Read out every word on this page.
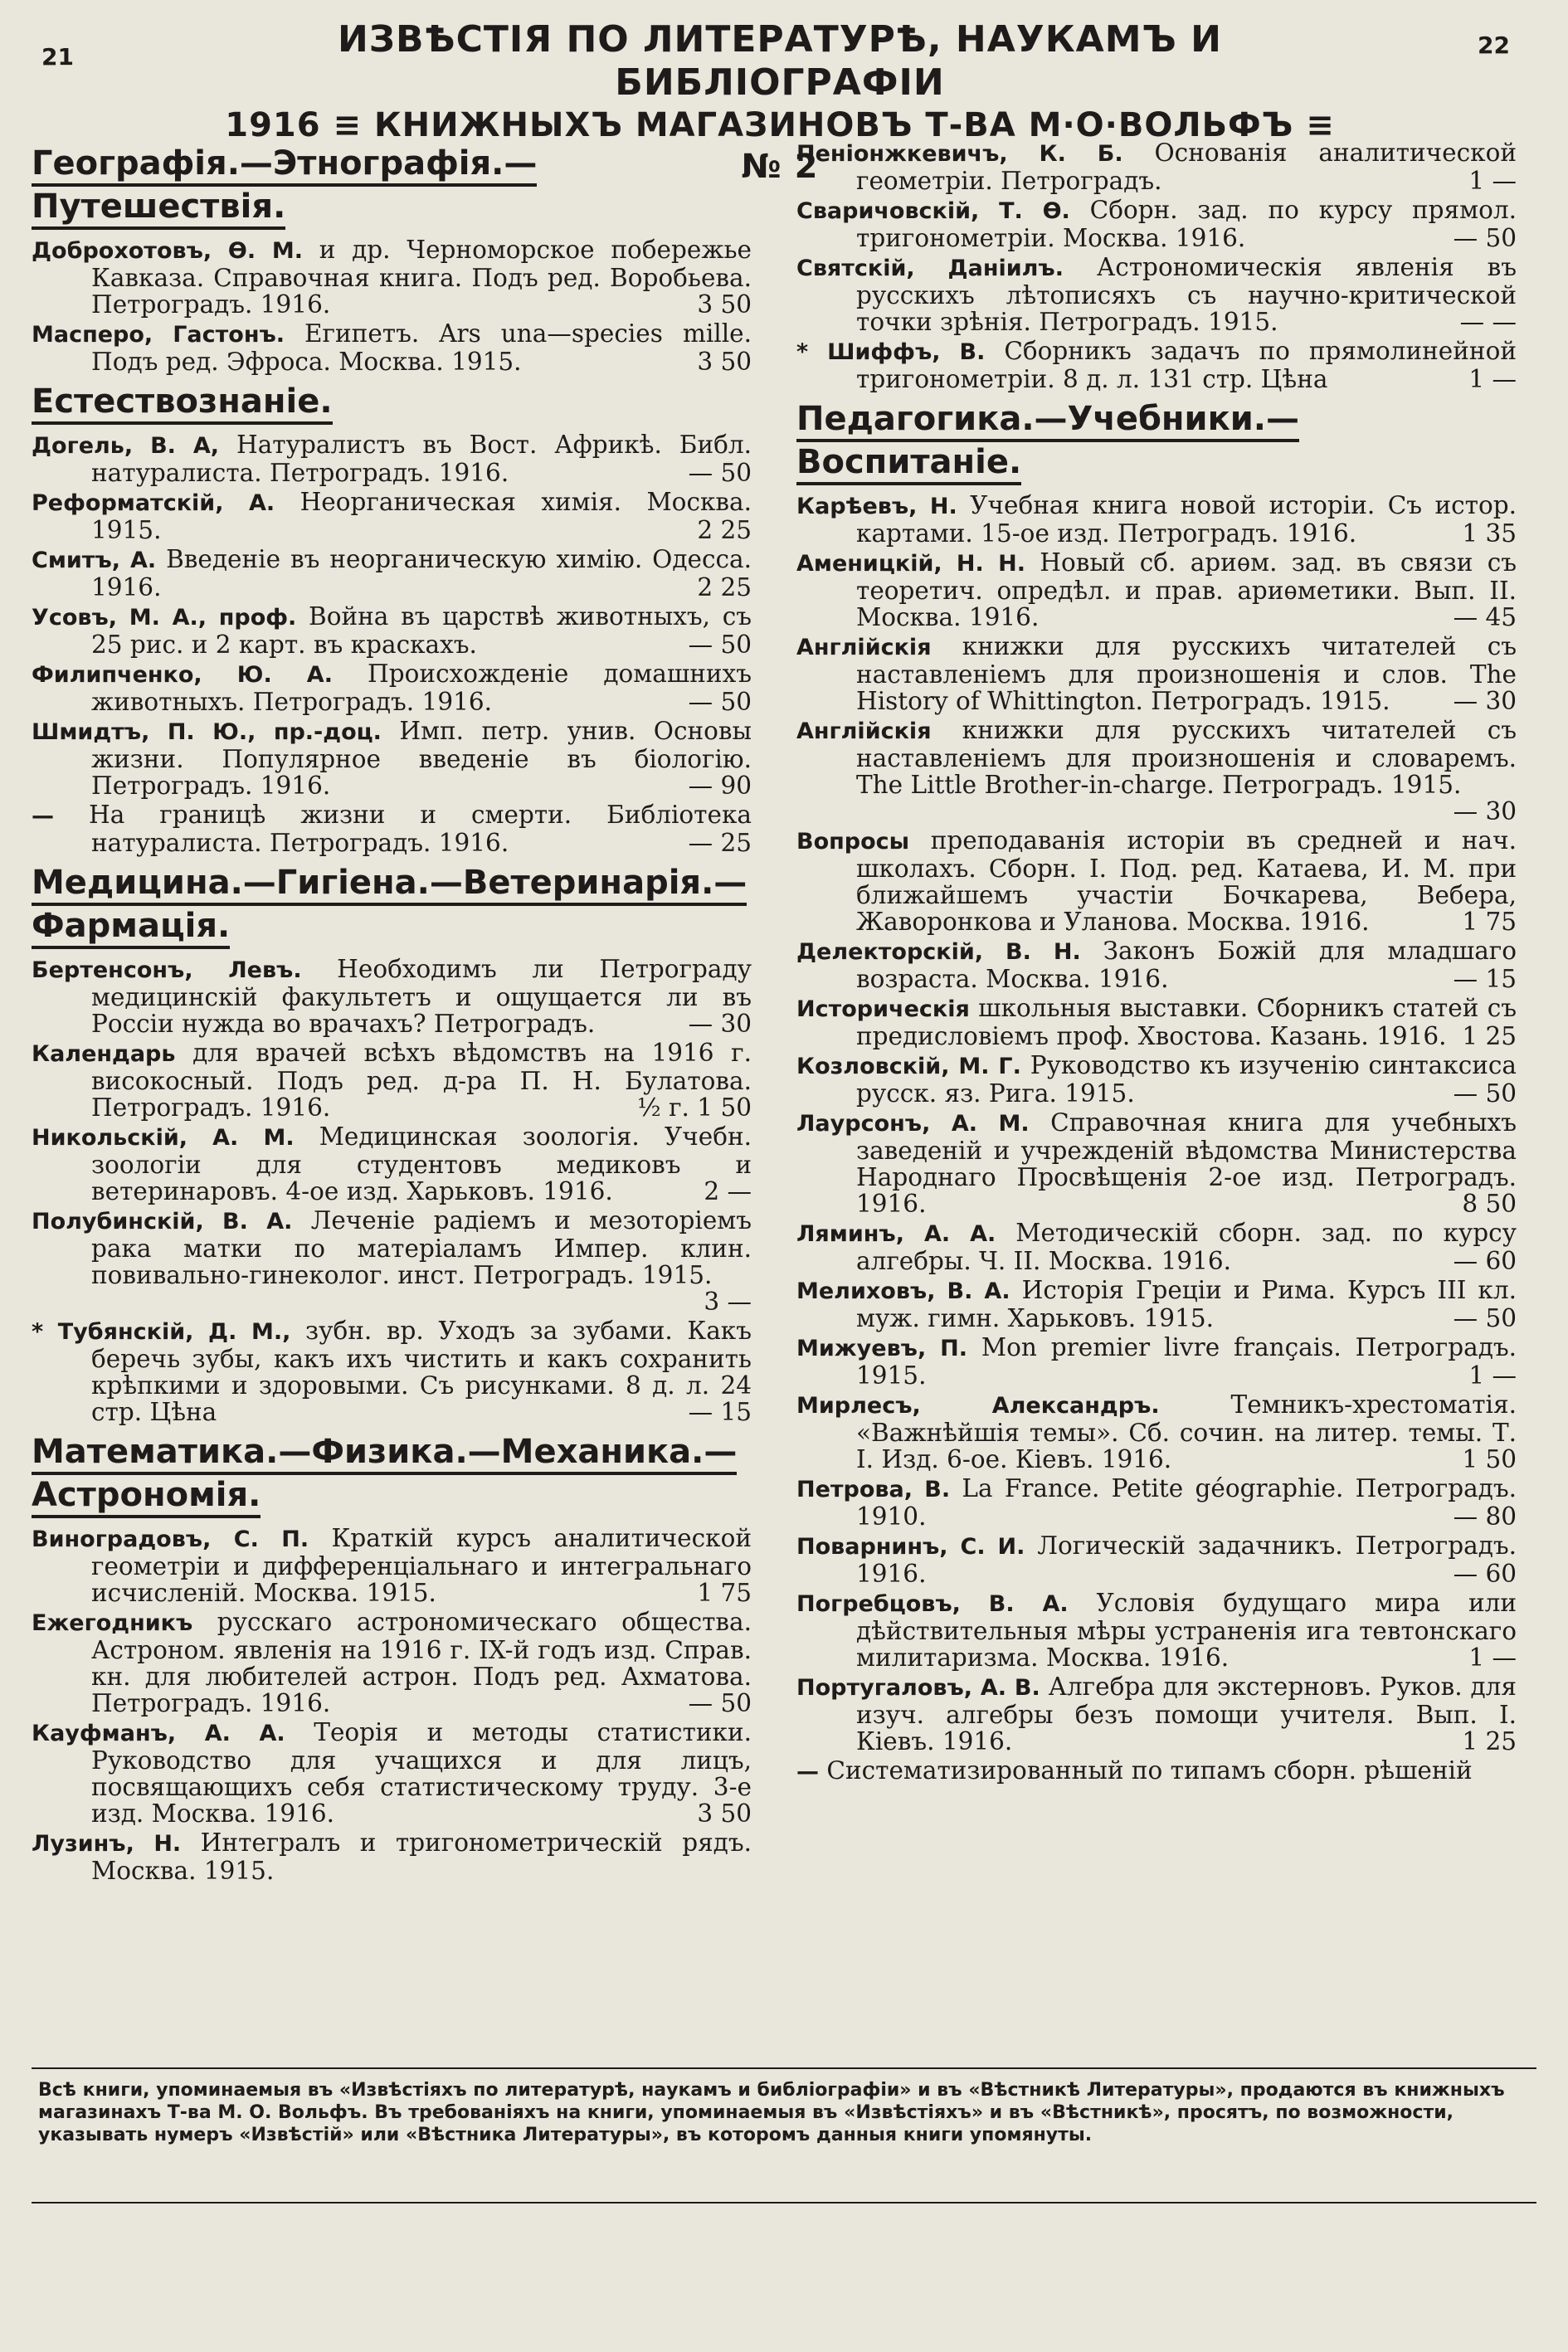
21	22
ИЗВѢСТІЯ ПО ЛИТЕРАТУРѢ, НАУКАМЪ И БИБЛІОГРАФІИ
1916 ≡ КНИЖНЫХЪ МАГАЗИНОВЪ Т-ВА М·О·ВОЛЬФЪ ≡ № 2
Географія.—Этнографія.—Путешествія.
Доброхотовъ, Ѳ. М. и др. Черноморское побережье Кавказа. Справочная книга. Подъ ред. Воробьева. Петроградъ. 1916.	3 50
Масперо, Гастонъ. Египетъ. Ars una—species mille. Подъ ред. Эфроса. Москва. 1915.	3 50
Естествознаніе.
Догель, В. А, Натуралистъ въ Вост. Африкѣ. Библ. натуралиста. Петроградъ. 1916.	— 50
Реформатскій, А. Неорганическая химія. Москва. 1915.	2 25
Смитъ, А. Введеніе въ неорганическую химію. Одесса. 1916.	2 25
Усовъ, М. А., проф. Война въ царствѣ животныхъ, съ 25 рис. и 2 карт. въ краскахъ.	— 50
Филипченко, Ю. А. Происхожденіе домашнихъ животныхъ. Петроградъ. 1916.	— 50
Шмидтъ, П. Ю., пр.-доц. Имп. петр. унив. Основы жизни. Популярное введеніе въ біологію. Петроградъ. 1916.	— 90
— На границѣ жизни и смерти. Библіотека натуралиста. Петроградъ. 1916.	— 25
Медицина.—Гигіена.—Ветеринарія.—Фармація.
Бертенсонъ, Левъ. Необходимъ ли Петрограду медицинскій факультетъ и ощущается ли въ Россіи нужда во врачахъ? Петроградъ.	— 30
Календарь для врачей всѣхъ вѣдомствъ на 1916 г. високосный. Подъ ред. д-ра П. Н. Булатова. Петроградъ. 1916.	½ г. 1 50
Никольскій, А. М. Медицинская зоологія. Учебн. зоологіи для студентовъ медиковъ и ветеринаровъ. 4-ое изд. Харьковъ. 1916.	2 —
Полубинскій, В. А. Леченіе радіемъ и мезоторіемъ рака матки по матеріаламъ Импер. клин. повивально-гинеколог. инст. Петроградъ. 1915.
3 —
* Тубянскій, Д. М., зубн. вр. Уходъ за зубами. Какъ беречь зубы, какъ ихъ чистить и какъ сохранить крѣпкими и здоровыми. Съ рисунками. 8 д. л. 24 стр. Цѣна	— 15
Математика.—Физика.—Механика.—Астрономія.
Виноградовъ, С. П. Краткій курсъ аналитической геометріи и дифференціальнаго и интегральнаго исчисленій. Москва. 1915.	1 75
Ежегодникъ русскаго астрономическаго общества. Астроном. явленія на 1916 г. IX-й годъ изд. Справ. кн. для любителей астрон. Подъ ред. Ахматова. Петроградъ. 1916.	— 50
Кауфманъ, А. А. Теорія и методы статистики. Руководство для учащихся и для лицъ, посвящающихъ себя статистическому труду. 3-е изд. Москва. 1916.	3 50
Лузинъ, Н. Интегралъ и тригонометрическій рядъ. Москва. 1915.
Пеніонжкевичъ, К. Б. Основанія аналитической геометріи. Петроградъ.	1 —
Сваричовскій, Т. Ѳ. Сборн. зад. по курсу прямол. тригонометріи. Москва. 1916.	— 50
Святскій, Даніилъ. Астрономическія явленія въ русскихъ лѣтописяхъ съ научно-критической точки зрѣнія. Петроградъ. 1915.	— —
* Шиффъ, В. Сборникъ задачъ по прямолинейной тригонометріи. 8 д. л. 131 стр. Цѣна	1 —
Педагогика.—Учебники.—Воспитаніе.
Карѣевъ, Н. Учебная книга новой исторіи. Съ истор. картами. 15-ое изд. Петроградъ. 1916.	1 35
Аменицкій, Н. Н. Новый сб. ариѳм. зад. въ связи съ теоретич. опредѣл. и прав. ариѳметики. Вып. II. Москва. 1916.	— 45
Англійскія книжки для русскихъ читателей съ наставленіемъ для произношенія и слов. The History of Whittington. Петроградъ. 1915.	— 30
Англійскія книжки для русскихъ читателей съ наставленіемъ для произношенія и словаремъ. The Little Brother-in-charge. Петроградъ. 1915.
— 30
Вопросы преподаванія исторіи въ средней и нач. школахъ. Сборн. I. Под. ред. Катаева, И. М. при ближайшемъ участіи Бочкарева, Вебера, Жаворонкова и Уланова. Москва. 1916.	1 75
Делекторскій, В. Н. Законъ Божій для младшаго возраста. Москва. 1916.	— 15
Историческія школьныя выставки. Сборникъ статей съ предисловіемъ проф. Хвостова. Казань. 1916. 1 25
Козловскій, М. Г. Руководство къ изученію синтаксиса русск. яз. Рига. 1915.	— 50
Лаурсонъ, А. М. Справочная книга для учебныхъ заведеній и учрежденій вѣдомства Министерства Народнаго Просвѣщенія 2-ое изд. Петроградъ. 1916.	8 50
Ляминъ, А. А. Методическій сборн. зад. по курсу алгебры. Ч. II. Москва. 1916.	— 60
Мелиховъ, В. А. Исторія Греціи и Рима. Курсъ III кл. муж. гимн. Харьковъ. 1915.	— 50
Мижуевъ, П. Mon premier livre français. Петроградъ. 1915.	1 —
Мирлесъ, Александръ. Темникъ-хрестоматія. «Важнѣйшія темы». Сб. сочин. на литер. темы. Т. I. Изд. 6-ое. Кіевъ. 1916.	1 50
Петрова, В. La France. Petite géographie. Петроградъ. 1910.	— 80
Поварнинъ, С. И. Логическій задачникъ. Петроградъ. 1916.	— 60
Погребцовъ, В. А. Условія будущаго мира или дѣйствительныя мѣры устраненія ига тевтонскаго милитаризма. Москва. 1916.	1 —
Португаловъ, А. В. Алгебра для экстерновъ. Руков. для изуч. алгебры безъ помощи учителя. Вып. I. Кіевъ. 1916.	1 25
— Систематизированный по типамъ сборн. рѣшеній
Всѣ книги, упоминаемыя въ «Извѣстіяхъ по литературѣ, наукамъ и библіографіи» и въ «Вѣстникѣ Литературы», продаются въ книжныхъ магазинахъ Т-ва М. О. Вольфъ. Въ требованіяхъ на книги, упоминаемыя въ «Извѣстіяхъ» и въ «Вѣстникѣ», просятъ, по возможности, указывать нумеръ «Извѣстій» или «Вѣстника Литературы», въ которомъ данныя книги упомянуты.
